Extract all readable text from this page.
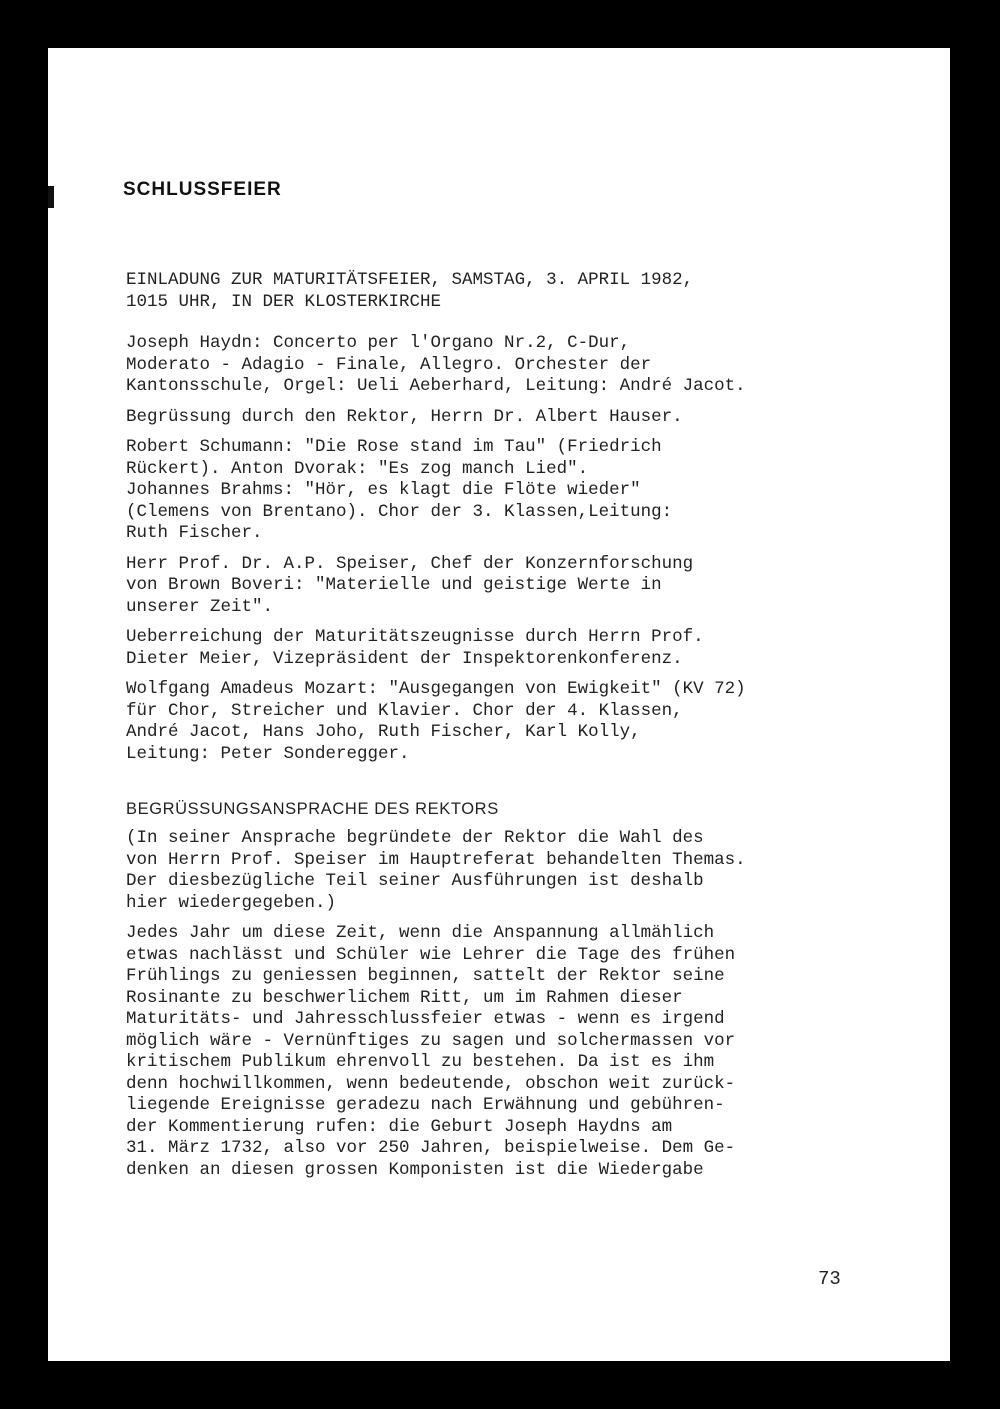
SCHLUSSFEIER
EINLADUNG ZUR MATURITÄTSFEIER, SAMSTAG, 3. APRIL 1982,
1015 UHR, IN DER KLOSTERKIRCHE

Joseph Haydn: Concerto per l'Organo Nr.2, C-Dur,
Moderato - Adagio - Finale, Allegro. Orchester der
Kantonsschule, Orgel: Ueli Aeberhard, Leitung: André Jacot.

Begrüssung durch den Rektor, Herrn Dr. Albert Hauser.

Robert Schumann: "Die Rose stand im Tau" (Friedrich
Rückert). Anton Dvorak: "Es zog manch Lied".
Johannes Brahms: "Hör, es klagt die Flöte wieder"
(Clemens von Brentano). Chor der 3. Klassen,Leitung:
Ruth Fischer.

Herr Prof. Dr. A.P. Speiser, Chef der Konzernforschung
von Brown Boveri: "Materielle und geistige Werte in
unserer Zeit".

Ueberreichung der Maturitätszeugnisse durch Herrn Prof.
Dieter Meier, Vizepräsident der Inspektorenkonferenz.

Wolfgang Amadeus Mozart: "Ausgegangen von Ewigkeit" (KV 72)
für Chor, Streicher und Klavier. Chor der 4. Klassen,
André Jacot, Hans Joho, Ruth Fischer, Karl Kolly,
Leitung: Peter Sonderegger.

BEGRÜSSUNGSANSPRACHE DES REKTORS

(In seiner Ansprache begründete der Rektor die Wahl des
von Herrn Prof. Speiser im Hauptreferat behandelten Themas.
Der diesbezügliche Teil seiner Ausführungen ist deshalb
hier wiedergegeben.)

Jedes Jahr um diese Zeit, wenn die Anspannung allmählich
etwas nachlässt und Schüler wie Lehrer die Tage des frühen
Frühlings zu geniessen beginnen, sattelt der Rektor seine
Rosinante zu beschwerlichem Ritt, um im Rahmen dieser
Maturitäts- und Jahresschlussfeier etwas - wenn es irgend
möglich wäre - Vernünftiges zu sagen und solchermassen vor
kritischem Publikum ehrenvoll zu bestehen. Da ist es ihm
denn hochwillkommen, wenn bedeutende, obschon weit zurück-
liegende Ereignisse geradezu nach Erwähnung und gebühren-
der Kommentierung rufen: die Geburt Joseph Haydns am
31. März 1732, also vor 250 Jahren, beispielweise. Dem Ge-
denken an diesen grossen Komponisten ist die Wiedergabe

73
